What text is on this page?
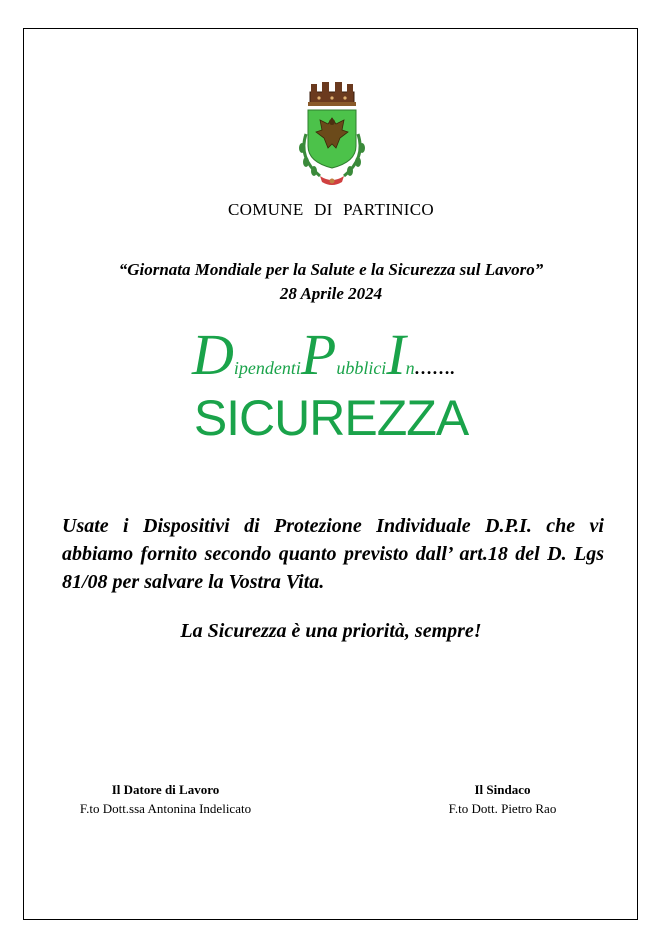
COMUNE DI PARTINICO
“Giornata Mondiale per la Salute e la Sicurezza sul Lavoro”
28 Aprile 2024
DipendentiPubbliciIn…….
SICUREZZA
Usate i Dispositivi di Protezione Individuale D.P.I. che vi abbiamo fornito secondo quanto previsto dall’ art.18 del D. Lgs 81/08 per salvare la Vostra Vita.
La Sicurezza è una priorità, sempre!
Il Datore di Lavoro
F.to Dott.ssa Antonina Indelicato
Il Sindaco
F.to Dott. Pietro Rao
